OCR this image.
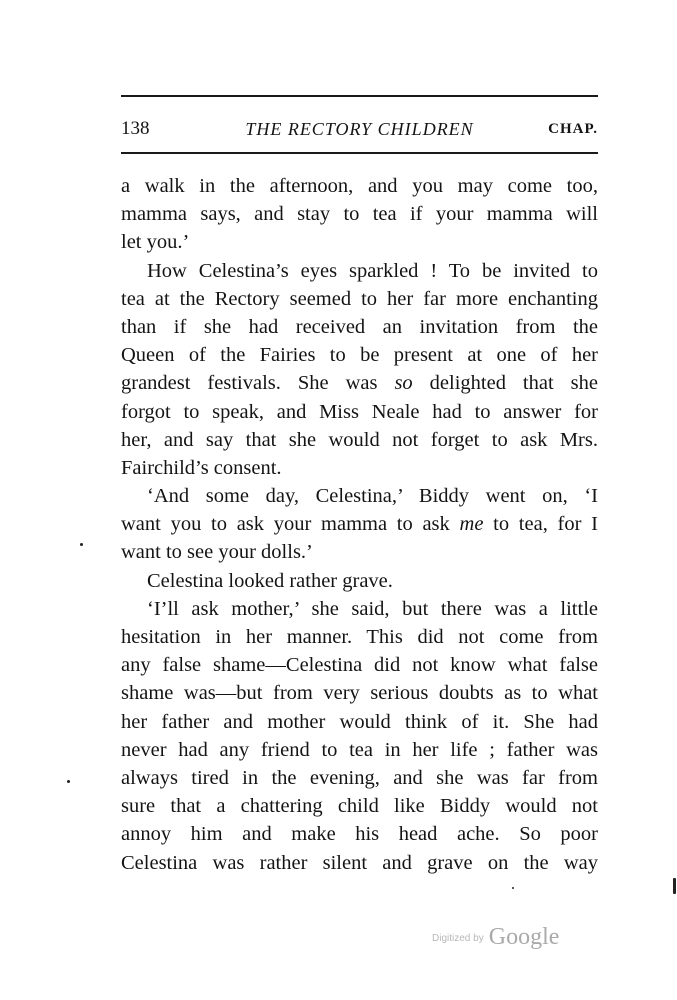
138	THE RECTORY CHILDREN	CHAP.
a walk in the afternoon, and you may come too,
mamma says, and stay to tea if your mamma will
let you.’
How Celestina’s eyes sparkled ! To be invited to
tea at the Rectory seemed to her far more enchanting
than if she had received an invitation from the
Queen of the Fairies to be present at one of her
grandest festivals. She was so delighted that she
forgot to speak, and Miss Neale had to answer for
her, and say that she would not forget to ask Mrs.
Fairchild’s consent.
‘And some day, Celestina,’ Biddy went on, ‘I
want you to ask your mamma to ask me to tea, for I
want to see your dolls.’
Celestina looked rather grave.
‘I’ll ask mother,’ she said, but there was a little
hesitation in her manner. This did not come from
any false shame—Celestina did not know what false
shame was—but from very serious doubts as to what
her father and mother would think of it. She had
never had any friend to tea in her life ; father was
always tired in the evening, and she was far from
sure that a chattering child like Biddy would not
annoy him and make his head ache. So poor
Celestina was rather silent and grave on the way
Digitized by Google
